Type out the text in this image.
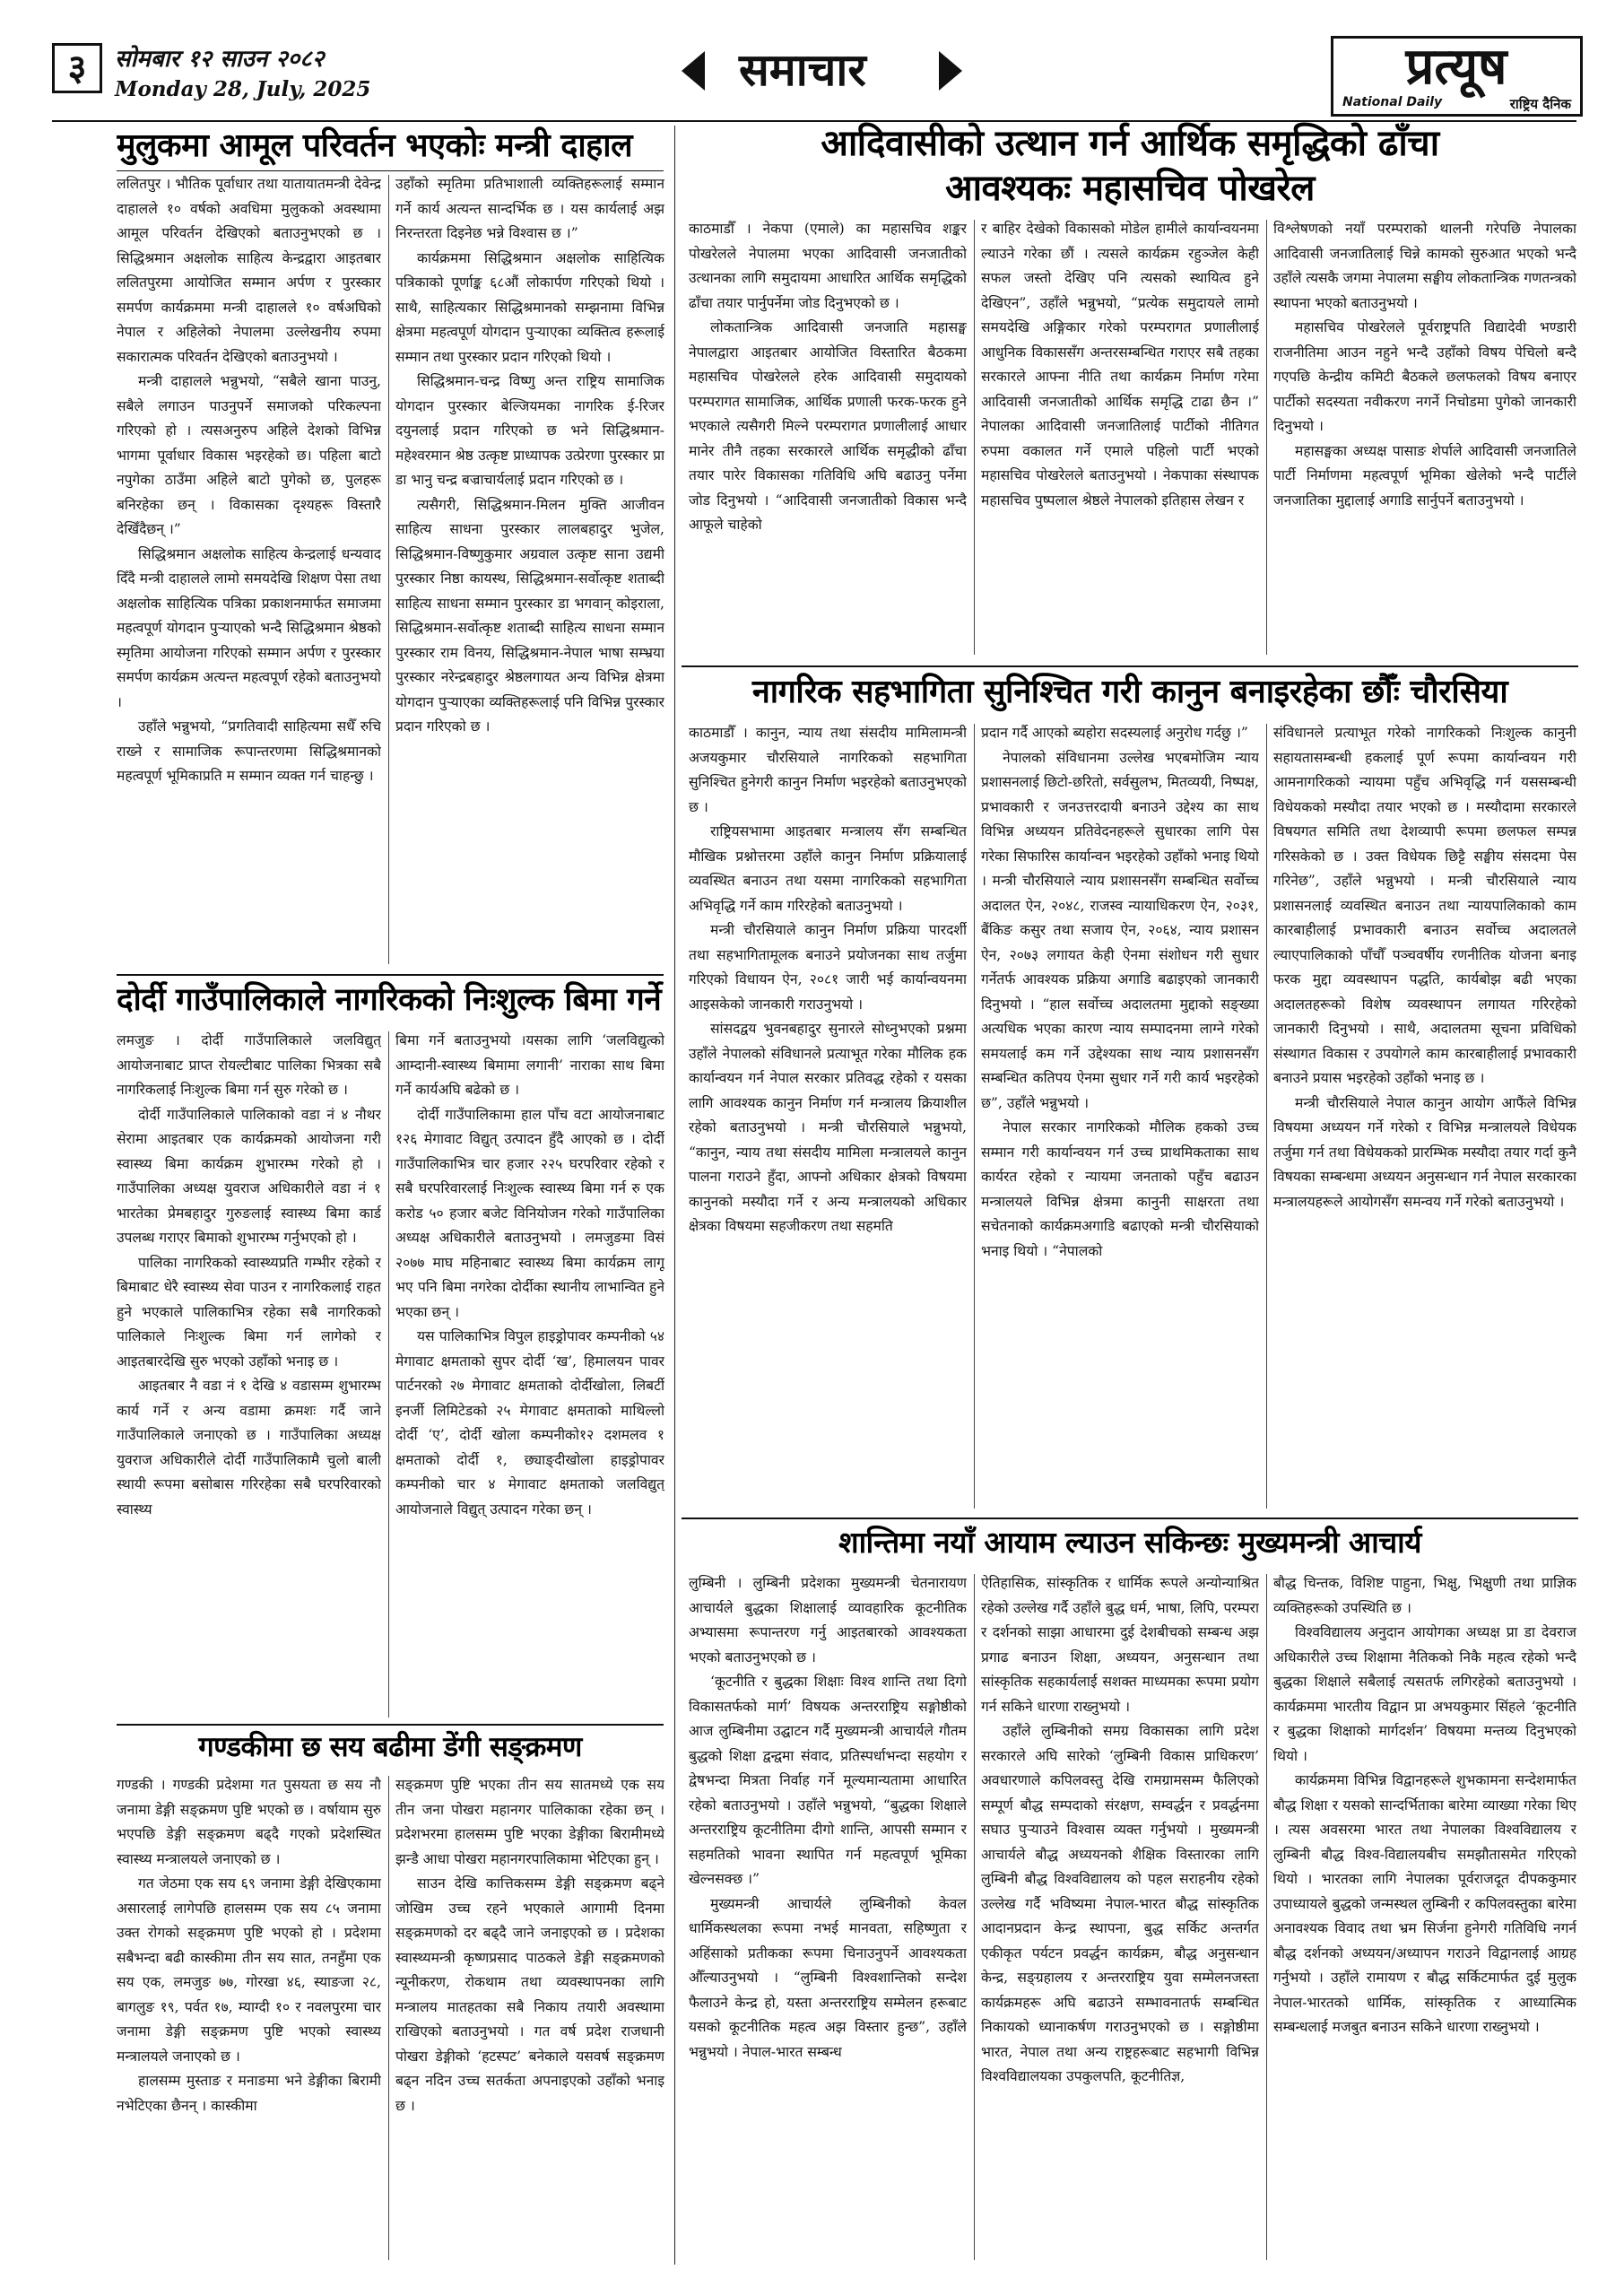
३	सोमबार १२ साउन २०८२
Monday 28, July, 2025	समाचार	प्रत्यूष
National Daily	राष्ट्रिय दैनिक
मुलुकमा आमूल परिवर्तन भएकोः मन्त्री दाहाल

ललितपुर । भौतिक पूर्वाधार तथा यातायातमन्त्री देवेन्द्र दाहालले १० वर्षको अवधिमा मुलुकको अवस्थामा आमूल परिवर्तन देखिएको बताउनुभएको छ । सिद्धिश्रमान अक्षलोक साहित्य केन्द्रद्वारा आइतबार ललितपुरमा आयोजित सम्मान अर्पण र पुरस्कार समर्पण कार्यक्रममा मन्त्री दाहालले १० वर्षअघिको नेपाल र अहिलेको नेपालमा उल्लेखनीय रुपमा सकारात्मक परिवर्तन देखिएको बताउनुभयो ।

मन्त्री दाहालले भन्नुभयो, “सबैले खाना पाउनु, सबैले लगाउन पाउनुपर्ने समाजको परिकल्पना गरिएको हो । त्यसअनुरुप अहिले देशको विभिन्न भागमा पूर्वाधार विकास भइरहेको छ। पहिला बाटो नपुगेका ठाउँमा अहिले बाटो पुगेको छ, पुलहरू बनिरहेका छन् । विकासका दृश्यहरू विस्तारै देखिँदैछन् ।”

सिद्धिश्रमान अक्षलोक साहित्य केन्द्रलाई धन्यवाद दिँदै मन्त्री दाहालले लामो समयदेखि शिक्षण पेसा तथा अक्षलोक साहित्यिक पत्रिका प्रकाशनमार्फत समाजमा महत्वपूर्ण योगदान पुऱ्याएको भन्दै सिद्धिश्रमान श्रेष्ठको स्मृतिमा आयोजना गरिएको सम्मान अर्पण र पुरस्कार समर्पण कार्यक्रम अत्यन्त महत्वपूर्ण रहेको बताउनुभयो ।

उहाँले भन्नुभयो, “प्रगतिवादी साहित्यमा सधैँ रुचि राख्ने र सामाजिक रूपान्तरणमा सिद्धिश्रमानको महत्वपूर्ण भूमिकाप्रति म सम्मान व्यक्त गर्न चाहन्छु ।

उहाँको स्मृतिमा प्रतिभाशाली व्यक्तिहरूलाई सम्मान गर्ने कार्य अत्यन्त सान्दर्भिक छ । यस कार्यलाई अझ निरन्तरता दिइनेछ भन्ने विश्वास छ ।”

कार्यक्रममा सिद्धिश्रमान अक्षलोक साहित्यिक पत्रिकाको पूर्णाङ्क ६८औं लोकार्पण गरिएको थियो । साथै, साहित्यकार सिद्धिश्रमानको सम्झनामा विभिन्न क्षेत्रमा महत्वपूर्ण योगदान पुऱ्याएका व्यक्तित्व हरूलाई सम्मान तथा पुरस्कार प्रदान गरिएको थियो ।

सिद्धिश्रमान-चन्द्र विष्णु अन्त राष्ट्रिय सामाजिक योगदान पुरस्कार बेल्जियमका नागरिक ई-रिजर दयुनलाई प्रदान गरिएको छ भने सिद्धिश्रमान-महेश्वरमान श्रेष्ठ उत्कृष्ट प्राध्यापक उत्प्रेरणा पुरस्कार प्रा डा भानु चन्द्र बज्राचार्यलाई प्रदान गरिएको छ ।

त्यसैगरी, सिद्धिश्रमान-मिलन मुक्ति आजीवन साहित्य साधना पुरस्कार लालबहादुर भुजेल, सिद्धिश्रमान-विष्णुकुमार अग्रवाल उत्कृष्ट साना उद्यमी पुरस्कार निष्ठा कायस्थ, सिद्धिश्रमान-सर्वोत्कृष्ट शताब्दी साहित्य साधना सम्मान पुरस्कार डा भगवान् कोइराला, सिद्धिश्रमान-सर्वोत्कृष्ट शताब्दी साहित्य साधना सम्मान पुरस्कार राम विनय, सिद्धिश्रमान-नेपाल भाषा सम्भ्रया पुरस्कार नरेन्द्रबहादुर श्रेष्ठलगायत अन्य विभिन्न क्षेत्रमा योगदान पुऱ्याएका व्यक्तिहरूलाई पनि विभिन्न पुरस्कार प्रदान गरिएको छ ।

दोर्दी गाउँपालिकाले नागरिकको निःशुल्क बिमा गर्ने

लमजुङ । दोर्दी गाउँपालिकाले जलविद्युत् आयोजनाबाट प्राप्त रोयल्टीबाट पालिका भित्रका सबै नागरिकलाई निःशुल्क बिमा गर्न सुरु गरेको छ ।

दोर्दी गाउँपालिकाले पालिकाको वडा नं ४ नौथर सेरामा आइतबार एक कार्यक्रमको आयोजना गरी स्वास्थ्य बिमा कार्यक्रम शुभारम्भ गरेको हो । गाउँपालिका अध्यक्ष युवराज अधिकारीले वडा नं १ भारतेका प्रेमबहादुर गुरुङलाई स्वास्थ्य बिमा कार्ड उपलब्ध गराएर बिमाको शुभारम्भ गर्नुभएको हो ।

पालिका नागरिकको स्वास्थ्यप्रति गम्भीर रहेको र बिमाबाट धेरै स्वास्थ्य सेवा पाउन र नागरिकलाई राहत हुने भएकाले पालिकाभित्र रहेका सबै नागरिकको पालिकाले निःशुल्क बिमा गर्न लागेको र आइतबारदेखि सुरु भएको उहाँको भनाइ छ ।

आइतबार नै वडा नं १ देखि ४ वडासम्म शुभारम्भ कार्य गर्ने र अन्य वडामा क्रमशः गर्दै जाने गाउँपालिकाले जनाएको छ । गाउँपालिका अध्यक्ष युवराज अधिकारीले दोर्दी गाउँपालिकामै चुलो बाली स्थायी रूपमा बसोबास गरिरहेका सबै घरपरिवारको स्वास्थ्य

बिमा गर्ने बताउनुभयो ।यसका लागि ‘जलविद्युत्को आम्दानी-स्वास्थ्य बिमामा लगानी’ नाराका साथ बिमा गर्ने कार्यअघि बढेको छ ।

दोर्दी गाउँपालिकामा हाल पाँच वटा आयोजनाबाट १२६ मेगावाट विद्युत् उत्पादन हुँदै आएको छ । दोर्दी गाउँपालिकाभित्र चार हजार २२५ घरपरिवार रहेको र सबै घरपरिवारलाई निःशुल्क स्वास्थ्य बिमा गर्न रु एक करोड ५० हजार बजेट विनियोजन गरेको गाउँपालिका अध्यक्ष अधिकारीले बताउनुभयो । लमजुङमा विसं २०७७ माघ महिनाबाट स्वास्थ्य बिमा कार्यक्रम लागू भए पनि बिमा नगरेका दोर्दीका स्थानीय लाभान्वित हुने भएका छन् ।

यस पालिकाभित्र विपुल हाइड्रोपावर कम्पनीको ५४ मेगावाट क्षमताको सुपर दोर्दी ‘ख’, हिमालयन पावर पार्टनरको २७ मेगावाट क्षमताको दोर्दीखोला, लिबर्टी इनर्जी लिमिटेडको २५ मेगावाट क्षमताको माथिल्लो दोर्दी ‘ए’, दोर्दी खोला कम्पनीको१२ दशमलव १ क्षमताको दोर्दी १, छ्याङ्दीखोला हाइड्रोपावर कम्पनीको चार ४ मेगावाट क्षमताको जलविद्युत् आयोजनाले विद्युत् उत्पादन गरेका छन् ।

गण्डकीमा छ सय बढीमा डेंगी सङ्क्रमण

गण्डकी । गण्डकी प्रदेशमा गत पुसयता छ सय नौ जनामा डेङ्गी सङ्क्रमण पुष्टि भएको छ । वर्षायाम सुरु भएपछि डेङ्गी सङ्क्रमण बढ्दै गएको प्रदेशस्थित स्वास्थ्य मन्त्रालयले जनाएको छ ।

गत जेठमा एक सय ६९ जनामा डेङ्गी देखिएकामा असारलाई लागेपछि हालसम्म एक सय ८५ जनामा उक्त रोगको सङ्क्रमण पुष्टि भएको हो । प्रदेशमा सबैभन्दा बढी कास्कीमा तीन सय सात, तनहुँमा एक सय एक, लमजुङ ७७, गोरखा ४६, स्याङजा २८, बागलुङ १९, पर्वत १७, म्याग्दी १० र नवलपुरमा चार जनामा डेङ्गी सङ्क्रमण पुष्टि भएको स्वास्थ्य मन्त्रालयले जनाएको छ ।

हालसम्म मुस्ताङ र मनाङमा भने डेङ्गीका बिरामी नभेटिएका छैनन् । कास्कीमा

सङ्क्रमण पुष्टि भएका तीन सय सातमध्ये एक सय तीन जना पोखरा महानगर पालिकाका रहेका छन् । प्रदेशभरमा हालसम्म पुष्टि भएका डेङ्गीका बिरामीमध्ये झन्डै आधा पोखरा महानगरपालिकामा भेटिएका हुन् ।

साउन देखि कात्तिकसम्म डेङ्गी सङ्क्रमण बढ्ने जोखिम उच्च रहने भएकाले आगामी दिनमा सङ्क्रमणको दर बढ्दै जाने जनाइएको छ । प्रदेशका स्वास्थ्यमन्त्री कृष्णप्रसाद पाठकले डेङ्गी सङ्क्रमणको न्यूनीकरण, रोकथाम तथा व्यवस्थापनका लागि मन्त्रालय मातहतका सबै निकाय तयारी अवस्थामा राखिएको बताउनुभयो । गत वर्ष प्रदेश राजधानी पोखरा डेङ्गीको ‘हटस्पट’ बनेकाले यसवर्ष सङ्क्रमण बढ्न नदिन उच्च सतर्कता अपनाइएको उहाँको भनाइ छ ।

आदिवासीको उत्थान गर्न आर्थिक समृद्धिको ढाँचा
आवश्यकः महासचिव पोखरेल

काठमाडौँ । नेकपा (एमाले) का महासचिव शङ्कर पोखरेलले नेपालमा भएका आदिवासी जनजातीको उत्थानका लागि समुदायमा आधारित आर्थिक समृद्धिको ढाँचा तयार पार्नुपर्नेमा जोड दिनुभएको छ ।

लोकतान्त्रिक आदिवासी जनजाति महासङ्घ नेपालद्वारा आइतबार आयोजित विस्तारित बैठकमा महासचिव पोखरेलले हरेक आदिवासी समुदायको परम्परागत सामाजिक, आर्थिक प्रणाली फरक-फरक हुने भएकाले त्यसैगरी मिल्ने परम्परागत प्रणालीलाई आधार मानेर तीनै तहका सरकारले आर्थिक समृद्धीको ढाँचा तयार पारेर विकासका गतिविधि अघि बढाउनु पर्नेमा जोड दिनुभयो । “आदिवासी जनजातीको विकास भन्दै आफूले चाहेको

र बाहिर देखेको विकासको मोडेल हामीले कार्यान्वयनमा ल्याउने गरेका छौं । त्यसले कार्यक्रम रहुञ्जेल केही सफल जस्तो देखिए पनि त्यसको स्थायित्व हुने देखिएन”, उहाँले भन्नुभयो, “प्रत्येक समुदायले लामो समयदेखि अङ्गिकार गरेको परम्परागत प्रणालीलाई आधुनिक विकाससँग अन्तरसम्बन्धित गराएर सबै तहका सरकारले आफ्ना नीति तथा कार्यक्रम निर्माण गरेमा आदिवासी जनजातीको आर्थिक समृद्धि टाढा छैन ।” नेपालका आदिवासी जनजातिलाई पार्टीको नीतिगत रुपमा वकालत गर्ने एमाले पहिलो पार्टी भएको महासचिव पोखरेलले बताउनुभयो । नेकपाका संस्थापक महासचिव पुष्पलाल श्रेष्ठले नेपालको इतिहास लेखन र

विश्लेषणको नयाँ परम्पराको थालनी गरेपछि नेपालका आदिवासी जनजातिलाई चिन्ने कामको सुरुआत भएको भन्दै उहाँले त्यसकै जगमा नेपालमा सङ्घीय लोकतान्त्रिक गणतन्त्रको स्थापना भएको बताउनुभयो ।

महासचिव पोखरेलले पूर्वराष्ट्रपति विद्यादेवी भण्डारी राजनीतिमा आउन नहुने भन्दै उहाँको विषय पेचिलो बन्दै गएपछि केन्द्रीय कमिटी बैठकले छलफलको विषय बनाएर पार्टीको सदस्यता नवीकरण नगर्ने निचोडमा पुगेको जानकारी दिनुभयो ।

महासङ्घका अध्यक्ष पासाङ शेर्पाले आदिवासी जनजातिले पार्टी निर्माणमा महत्वपूर्ण भूमिका खेलेको भन्दै पार्टीले जनजातिका मुद्दालाई अगाडि सार्नुपर्ने बताउनुभयो ।

नागरिक सहभागिता सुनिश्चित गरी कानुन बनाइरहेका छौँः चौरसिया

काठमाडौँ । कानुन, न्याय तथा संसदीय मामिलामन्त्री अजयकुमार चौरसियाले नागरिकको सहभागिता सुनिश्चित हुनेगरी कानुन निर्माण भइरहेको बताउनुभएको छ ।

राष्ट्रियसभामा आइतबार मन्त्रालय सँग सम्बन्धित मौखिक प्रश्नोत्तरमा उहाँले कानुन निर्माण प्रक्रियालाई व्यवस्थित बनाउन तथा यसमा नागरिकको सहभागिता अभिवृद्धि गर्ने काम गरिरहेको बताउनुभयो ।

मन्त्री चौरसियाले कानुन निर्माण प्रक्रिया पारदर्शी तथा सहभागितामूलक बनाउने प्रयोजनका साथ तर्जुमा गरिएको विधायन ऐन, २०८१ जारी भई कार्यान्वयनमा आइसकेको जानकारी गराउनुभयो ।

सांसदद्वय भुवनबहादुर सुनारले सोध्नुभएको प्रश्नमा उहाँले नेपालको संविधानले प्रत्याभूत गरेका मौलिक हक कार्यान्वयन गर्न नेपाल सरकार प्रतिवद्ध रहेको र यसका लागि आवश्यक कानुन निर्माण गर्न मन्त्रालय क्रियाशील रहेको बताउनुभयो । मन्त्री चौरसियाले भन्नुभयो, “कानुन, न्याय तथा संसदीय मामिला मन्त्रालयले कानुन पालना गराउने हुँदा, आफ्नो अधिकार क्षेत्रको विषयमा कानुनको मस्यौदा गर्ने र अन्य मन्त्रालयको अधिकार क्षेत्रका विषयमा सहजीकरण तथा सहमति

प्रदान गर्दै आएको ब्यहोरा सदस्यलाई अनुरोध गर्दछु ।”

नेपालको संविधानमा उल्लेख भएबमोजिम न्याय प्रशासनलाई छिटो-छरितो, सर्वसुलभ, मितव्ययी, निष्पक्ष, प्रभावकारी र जनउत्तरदायी बनाउने उद्देश्य का साथ विभिन्न अध्ययन प्रतिवेदनहरूले सुधारका लागि पेस गरेका सिफारिस कार्यान्वन भइरहेको उहाँको भनाइ थियो । मन्त्री चौरसियाले न्याय प्रशासनसँग सम्बन्धित सर्वोच्च अदालत ऐन, २०४८, राजस्व न्यायाधिकरण ऐन, २०३१, बैंकिङ कसुर तथा सजाय ऐन, २०६४, न्याय प्रशासन ऐन, २०७३ लगायत केही ऐनमा संशोधन गरी सुधार गर्नेतर्फ आवश्यक प्रक्रिया अगाडि बढाइएको जानकारी दिनुभयो । “हाल सर्वोच्च अदालतमा मुद्दाको सङ्ख्या अत्यधिक भएका कारण न्याय सम्पादनमा लाग्ने गरेको समयलाई कम गर्ने उद्देश्यका साथ न्याय प्रशासनसँग सम्बन्धित कतिपय ऐनमा सुधार गर्ने गरी कार्य भइरहेको छ”, उहाँले भन्नुभयो ।

नेपाल सरकार नागरिकको मौलिक हकको उच्च सम्मान गरी कार्यान्वयन गर्न उच्च प्राथमिकताका साथ कार्यरत रहेको र न्यायमा जनताको पहुँच बढाउन मन्त्रालयले विभिन्न क्षेत्रमा कानुनी साक्षरता तथा सचेतनाको कार्यक्रमअगाडि बढाएको मन्त्री चौरसियाको भनाइ थियो । “नेपालको

संविधानले प्रत्याभूत गरेको नागरिकको निःशुल्क कानुनी सहायतासम्बन्धी हकलाई पूर्ण रूपमा कार्यान्वयन गरी आमनागरिकको न्यायमा पहुँच अभिवृद्धि गर्न यससम्बन्धी विधेयकको मस्यौदा तयार भएको छ । मस्यौदामा सरकारले विषयगत समिति तथा देशव्यापी रूपमा छलफल सम्पन्न गरिसकेको छ । उक्त विधेयक छिट्टै सङ्घीय संसदमा पेस गरिनेछ”, उहाँले भन्नुभयो । मन्त्री चौरसियाले न्याय प्रशासनलाई व्यवस्थित बनाउन तथा न्यायपालिकाको काम कारबाहीलाई प्रभावकारी बनाउन सर्वोच्च अदालतले ल्याएपालिकाको पाँचौँ पञ्चवर्षीय रणनीतिक योजना बनाइ फरक मुद्दा व्यवस्थापन पद्धति, कार्यबोझ बढी भएका अदालतहरूको विशेष व्यवस्थापन लगायत गरिरहेको जानकारी दिनुभयो । साथै, अदालतमा सूचना प्रविधिको संस्थागत विकास र उपयोगले काम कारबाहीलाई प्रभावकारी बनाउने प्रयास भइरहेको उहाँको भनाइ छ ।

मन्त्री चौरसियाले नेपाल कानुन आयोग आफैंले विभिन्न विषयमा अध्ययन गर्ने गरेको र विभिन्न मन्त्रालयले विधेयक तर्जुमा गर्न तथा विधेयकको प्रारम्भिक मस्यौदा तयार गर्दा कुनै विषयका सम्बन्धमा अध्ययन अनुसन्धान गर्न नेपाल सरकारका मन्त्रालयहरूले आयोगसँग समन्वय गर्ने गरेको बताउनुभयो ।

शान्तिमा नयाँ आयाम ल्याउन सकिन्छः मुख्यमन्त्री आचार्य

लुम्बिनी । लुम्बिनी प्रदेशका मुख्यमन्त्री चेतनारायण आचार्यले बुद्धका शिक्षालाई व्यावहारिक कूटनीतिक अभ्यासमा रूपान्तरण गर्नु आइतबारको आवश्यकता भएको बताउनुभएको छ ।

‘कूटनीति र बुद्धका शिक्षाः विश्व शान्ति तथा दिगो विकासतर्फको मार्ग’ विषयक अन्तरराष्ट्रिय सङ्गोष्ठीको आज लुम्बिनीमा उद्घाटन गर्दै मुख्यमन्त्री आचार्यले गौतम बुद्धको शिक्षा द्वन्द्वमा संवाद, प्रतिस्पर्धाभन्दा सहयोग र द्वेषभन्दा मित्रता निर्वाह गर्ने मूल्यमान्यतामा आधारित रहेको बताउनुभयो । उहाँले भन्नुभयो, “बुद्धका शिक्षाले अन्तरराष्ट्रिय कूटनीतिमा दीगो शान्ति, आपसी सम्मान र सहमतिको भावना स्थापित गर्न महत्वपूर्ण भूमिका खेल्नसक्छ ।”

मुख्यमन्त्री आचार्यले लुम्बिनीको केवल धार्मिकस्थलका रूपमा नभई मानवता, सहिष्णुता र अहिंसाको प्रतीकका रूपमा चिनाउनुपर्ने आवश्यकता औँल्याउनुभयो । “लुम्बिनी विश्वशान्तिको सन्देश फैलाउने केन्द्र हो, यस्ता अन्तरराष्ट्रिय सम्मेलन हरूबाट यसको कूटनीतिक महत्व अझ विस्तार हुन्छ”, उहाँले भन्नुभयो । नेपाल-भारत सम्बन्ध

ऐतिहासिक, सांस्कृतिक र धार्मिक रूपले अन्योन्याश्रित रहेको उल्लेख गर्दै उहाँले बुद्ध धर्म, भाषा, लिपि, परम्परा र दर्शनको साझा आधारमा दुई देशबीचको सम्बन्ध अझ प्रगाढ बनाउन शिक्षा, अध्ययन, अनुसन्धान तथा सांस्कृतिक सहकार्यलाई सशक्त माध्यमका रूपमा प्रयोग गर्न सकिने धारणा राख्नुभयो ।

उहाँले लुम्बिनीको समग्र विकासका लागि प्रदेश सरकारले अघि सारेको ‘लुम्बिनी विकास प्राधिकरण’ अवधारणाले कपिलवस्तु देखि रामग्रामसम्म फैलिएको सम्पूर्ण बौद्ध सम्पदाको संरक्षण, सम्वर्द्धन र प्रवर्द्धनमा सघाउ पुऱ्याउने विश्वास व्यक्त गर्नुभयो । मुख्यमन्त्री आचार्यले बौद्ध अध्ययनको शैक्षिक विस्तारका लागि लुम्बिनी बौद्ध विश्वविद्यालय को पहल सराहनीय रहेको उल्लेख गर्दै भविष्यमा नेपाल-भारत बौद्ध सांस्कृतिक आदानप्रदान केन्द्र स्थापना, बुद्ध सर्किट अन्तर्गत एकीकृत पर्यटन प्रवर्द्धन कार्यक्रम, बौद्ध अनुसन्धान केन्द्र, सङ्ग्रहालय र अन्तरराष्ट्रिय युवा सम्मेलनजस्ता कार्यक्रमहरू अघि बढाउने सम्भावनातर्फ सम्बन्धित निकायको ध्यानाकर्षण गराउनुभएको छ । सङ्गोष्ठीमा भारत, नेपाल तथा अन्य राष्ट्रहरूबाट सहभागी विभिन्न विश्वविद्यालयका उपकुलपति, कूटनीतिज्ञ,

बौद्ध चिन्तक, विशिष्ट पाहुना, भिक्षु, भिक्षुणी तथा प्राज्ञिक व्यक्तिहरूको उपस्थिति छ ।

विश्वविद्यालय अनुदान आयोगका अध्यक्ष प्रा डा देवराज अधिकारीले उच्च शिक्षामा नैतिकको निकै महत्व रहेको भन्दै बुद्धका शिक्षाले सबैलाई त्यसतर्फ लगिरहेको बताउनुभयो । कार्यक्रममा भारतीय विद्वान प्रा अभयकुमार सिंहले ‘कूटनीति र बुद्धका शिक्षाको मार्गदर्शन’ विषयमा मन्तव्य दिनुभएको थियो ।

कार्यक्रममा विभिन्न विद्वानहरूले शुभकामना सन्देशमार्फत बौद्ध शिक्षा र यसको सान्दर्भिताका बारेमा व्याख्या गरेका थिए । त्यस अवसरमा भारत तथा नेपालका विश्वविद्यालय र लुम्बिनी बौद्ध विश्व-विद्यालयबीच समझौतासमेत गरिएको थियो । भारतका लागि नेपालका पूर्वराजदूत दीपककुमार उपाध्यायले बुद्धको जन्मस्थल लुम्बिनी र कपिलवस्तुका बारेमा अनावश्यक विवाद तथा भ्रम सिर्जना हुनेगरी गतिविधि नगर्न बौद्ध दर्शनको अध्ययन/अध्यापन गराउने विद्वानलाई आग्रह गर्नुभयो । उहाँले रामायण र बौद्ध सर्किटमार्फत दुई मुलुक नेपाल-भारतको धार्मिक, सांस्कृतिक र आध्यात्मिक सम्बन्धलाई मजबुत बनाउन सकिने धारणा राख्नुभयो ।
